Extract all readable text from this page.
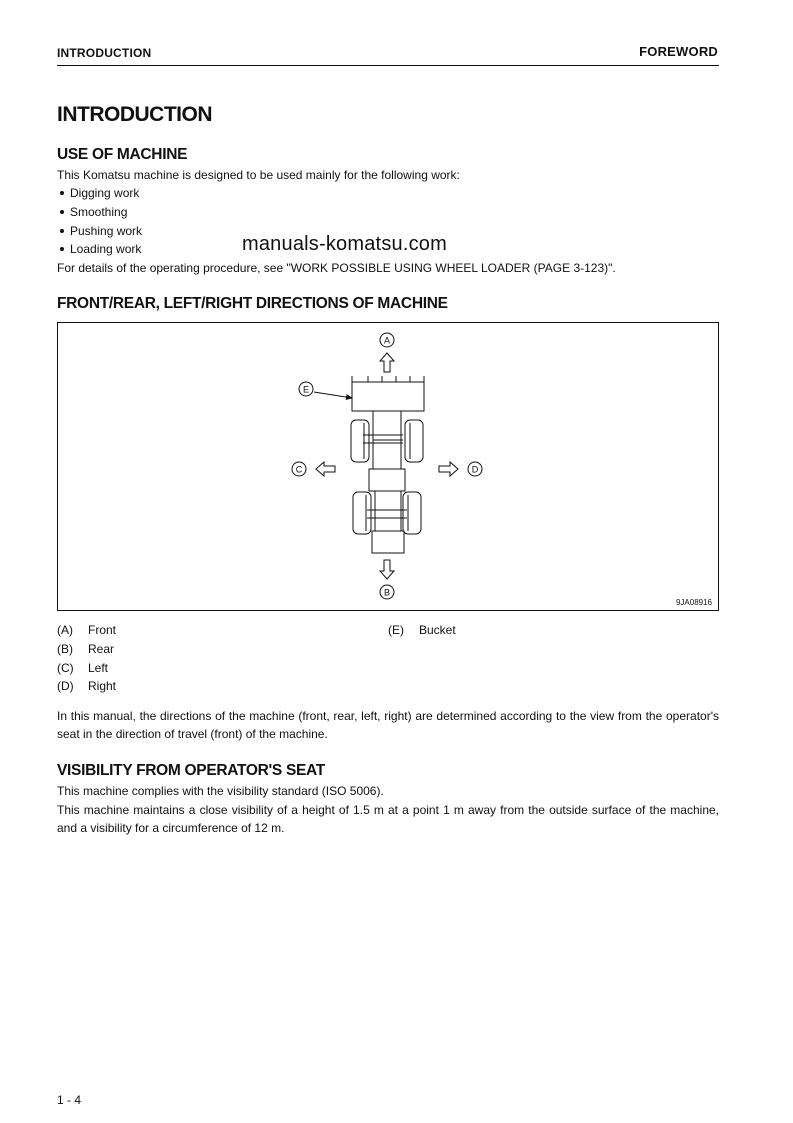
INTRODUCTION	FOREWORD
INTRODUCTION
USE OF MACHINE
This Komatsu machine is designed to be used mainly for the following work:
Digging work
Smoothing
Pushing work
Loading work	manuals-komatsu.com
For details of the operating procedure, see "WORK POSSIBLE USING WHEEL LOADER (PAGE 3-123)".
FRONT/REAR, LEFT/RIGHT DIRECTIONS OF MACHINE
A
B
C	D
E
9JA08916
(A) Front
(B) Rear
(C) Left
(D) Right
(E) Bucket
In this manual, the directions of the machine (front, rear, left, right) are determined according to the view from the operator's seat in the direction of travel (front) of the machine.
VISIBILITY FROM OPERATOR'S SEAT
This machine complies with the visibility standard (ISO 5006).
This machine maintains a close visibility of a height of 1.5 m at a point 1 m away from the outside surface of the machine, and a visibility for a circumference of 12 m.
1 - 4
